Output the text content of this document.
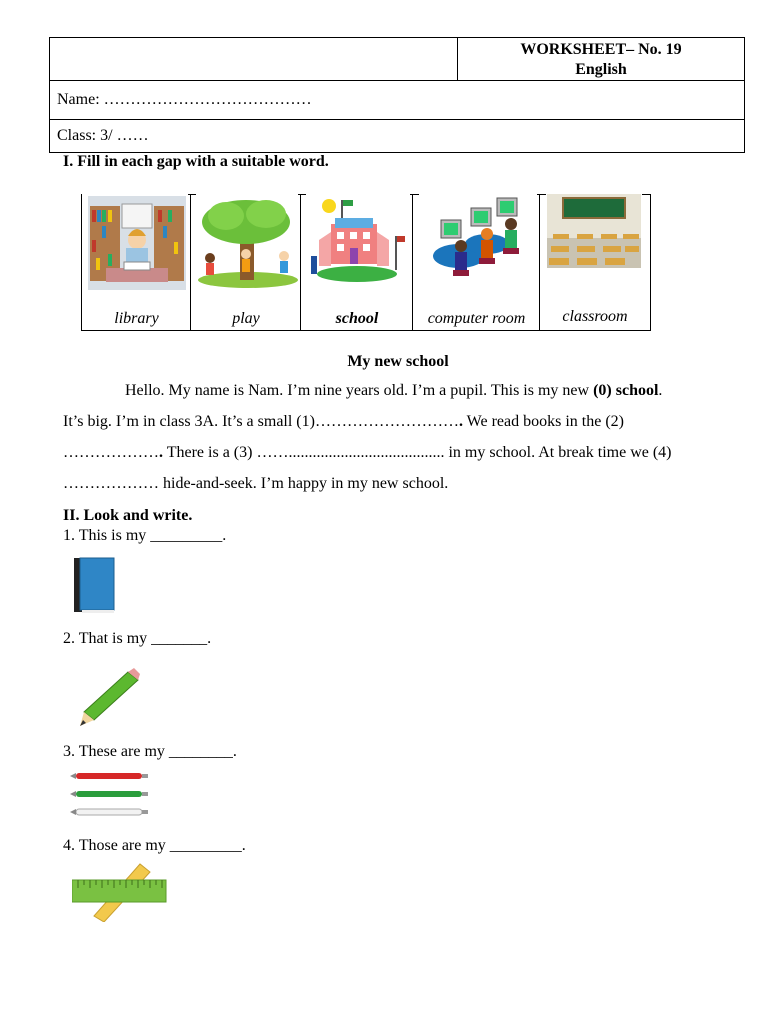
WORKSHEET– No. 19
English

Name: …………………………………
Class: 3/ ……
I. Fill in each gap with a suitable word.
library	play	school	computer room	classroom
My new school
Hello. My name is Nam. I’m nine years old. I’m a pupil. This is my new (0) school.
It’s big. I’m in class 3A. It’s a small (1)………………………. We read books in the (2)
………………. There is a (3) ……....................................... in my school. At break time we (4)
……………… hide-and-seek. I’m happy in my new school.
II. Look and write.
1. This is my _________.
2. That is my _______.
3. These are my ________.
4. Those are my _________.
